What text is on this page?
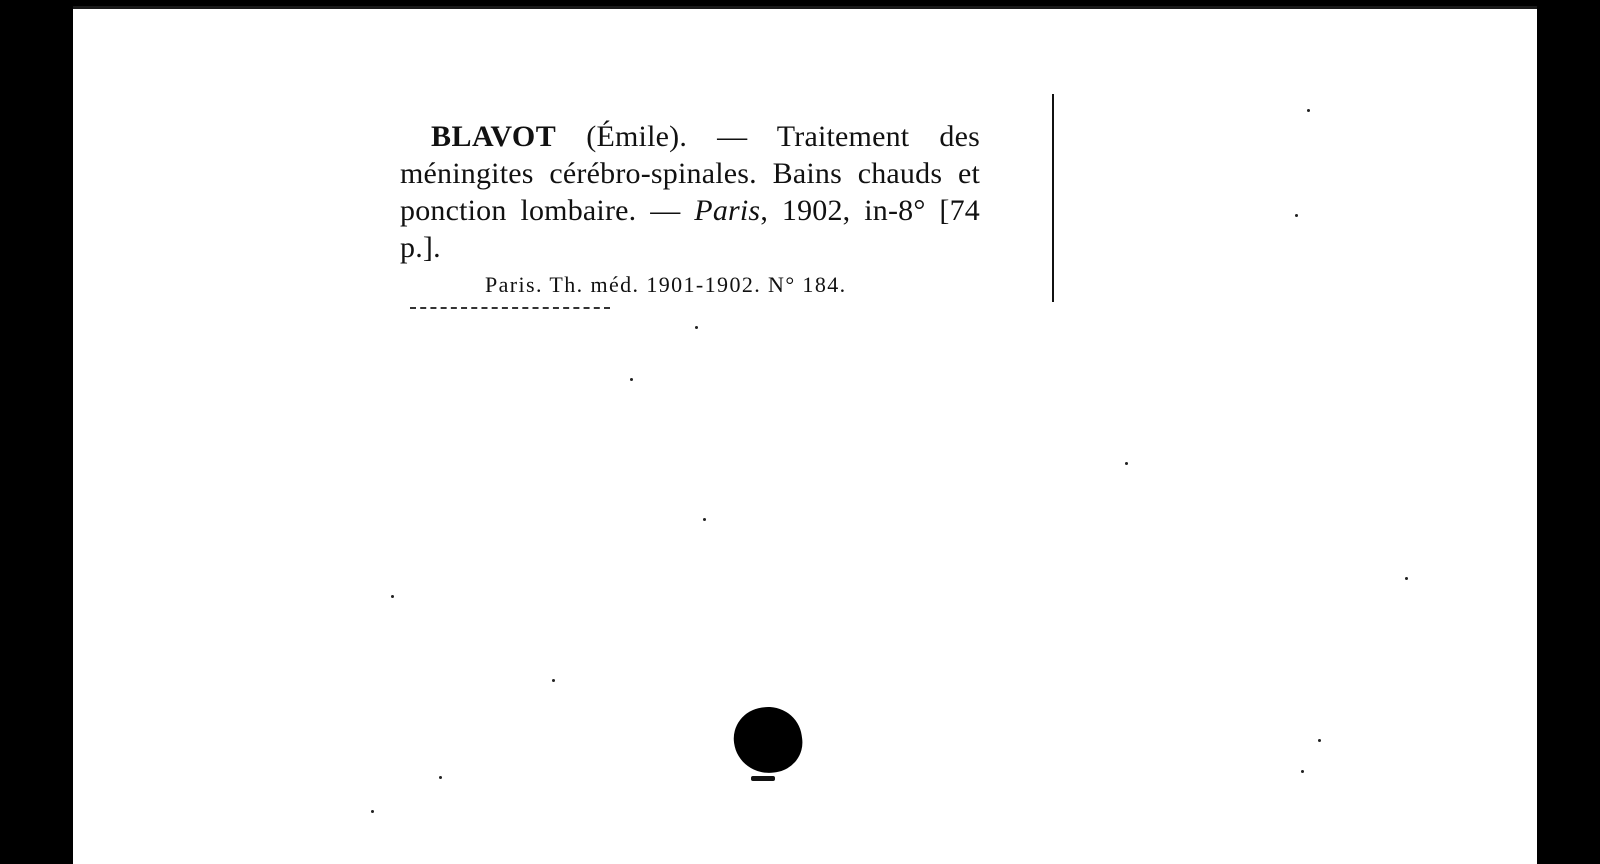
BLAVOT (Émile). — Traitement des méningites cérébro-spinales. Bains chauds et ponction lombaire. — Paris, 1902, in-8° [74 p.].

Paris. Th. méd. 1901-1902. N° 184.
